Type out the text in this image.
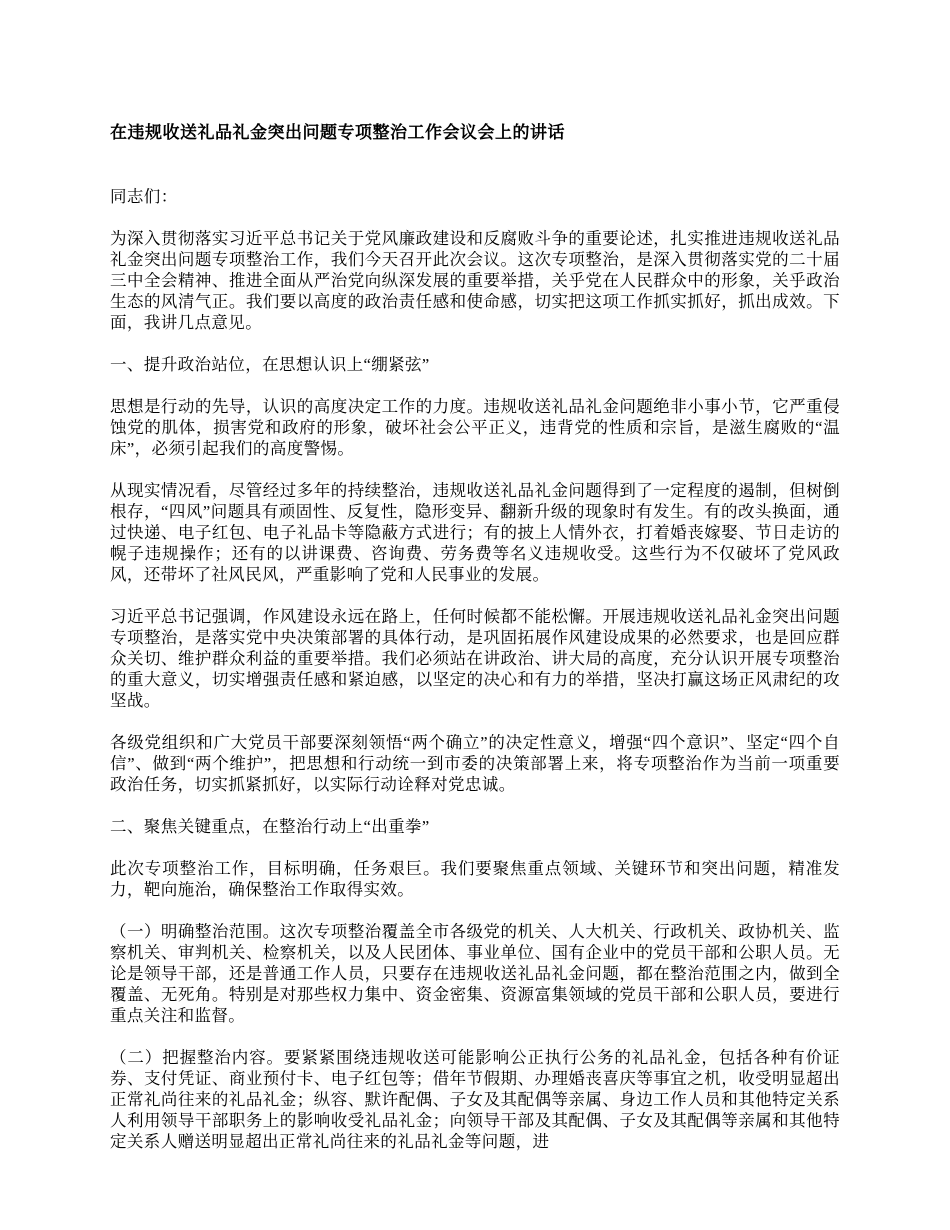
在违规收送礼品礼金突出问题专项整治工作会议会上的讲话

同志们：

为深入贯彻落实习近平总书记关于党风廉政建设和反腐败斗争的重要论述，扎实推进违规收送礼品礼金突出问题专项整治工作，我们今天召开此次会议。这次专项整治，是深入贯彻落实党的二十届三中全会精神、推进全面从严治党向纵深发展的重要举措，关乎党在人民群众中的形象，关乎政治生态的风清气正。我们要以高度的政治责任感和使命感，切实把这项工作抓实抓好，抓出成效。下面，我讲几点意见。

一、提升政治站位，在思想认识上“绷紧弦”

思想是行动的先导，认识的高度决定工作的力度。违规收送礼品礼金问题绝非小事小节，它严重侵蚀党的肌体，损害党和政府的形象，破坏社会公平正义，违背党的性质和宗旨，是滋生腐败的“温床”，必须引起我们的高度警惕。

从现实情况看，尽管经过多年的持续整治，违规收送礼品礼金问题得到了一定程度的遏制，但树倒根存，“四风”问题具有顽固性、反复性，隐形变异、翻新升级的现象时有发生。有的改头换面，通过快递、电子红包、电子礼品卡等隐蔽方式进行；有的披上人情外衣，打着婚丧嫁娶、节日走访的幌子违规操作；还有的以讲课费、咨询费、劳务费等名义违规收受。这些行为不仅破坏了党风政风，还带坏了社风民风，严重影响了党和人民事业的发展。

习近平总书记强调，作风建设永远在路上，任何时候都不能松懈。开展违规收送礼品礼金突出问题专项整治，是落实党中央决策部署的具体行动，是巩固拓展作风建设成果的必然要求，也是回应群众关切、维护群众利益的重要举措。我们必须站在讲政治、讲大局的高度，充分认识开展专项整治的重大意义，切实增强责任感和紧迫感，以坚定的决心和有力的举措，坚决打赢这场正风肃纪的攻坚战。

各级党组织和广大党员干部要深刻领悟“两个确立”的决定性意义，增强“四个意识”、坚定“四个自信”、做到“两个维护”，把思想和行动统一到市委的决策部署上来，将专项整治作为当前一项重要政治任务，切实抓紧抓好，以实际行动诠释对党忠诚。

二、聚焦关键重点，在整治行动上“出重拳”

此次专项整治工作，目标明确，任务艰巨。我们要聚焦重点领域、关键环节和突出问题，精准发力，靶向施治，确保整治工作取得实效。

（一）明确整治范围。这次专项整治覆盖全市各级党的机关、人大机关、行政机关、政协机关、监察机关、审判机关、检察机关，以及人民团体、事业单位、国有企业中的党员干部和公职人员。无论是领导干部，还是普通工作人员，只要存在违规收送礼品礼金问题，都在整治范围之内，做到全覆盖、无死角。特别是对那些权力集中、资金密集、资源富集领域的党员干部和公职人员，要进行重点关注和监督。

（二）把握整治内容。要紧紧围绕违规收送可能影响公正执行公务的礼品礼金，包括各种有价证券、支付凭证、商业预付卡、电子红包等；借年节假期、办理婚丧喜庆等事宜之机，收受明显超出正常礼尚往来的礼品礼金；纵容、默许配偶、子女及其配偶等亲属、身边工作人员和其他特定关系人利用领导干部职务上的影响收受礼品礼金；向领导干部及其配偶、子女及其配偶等亲属和其他特定关系人赠送明显超出正常礼尚往来的礼品礼金等问题，进
